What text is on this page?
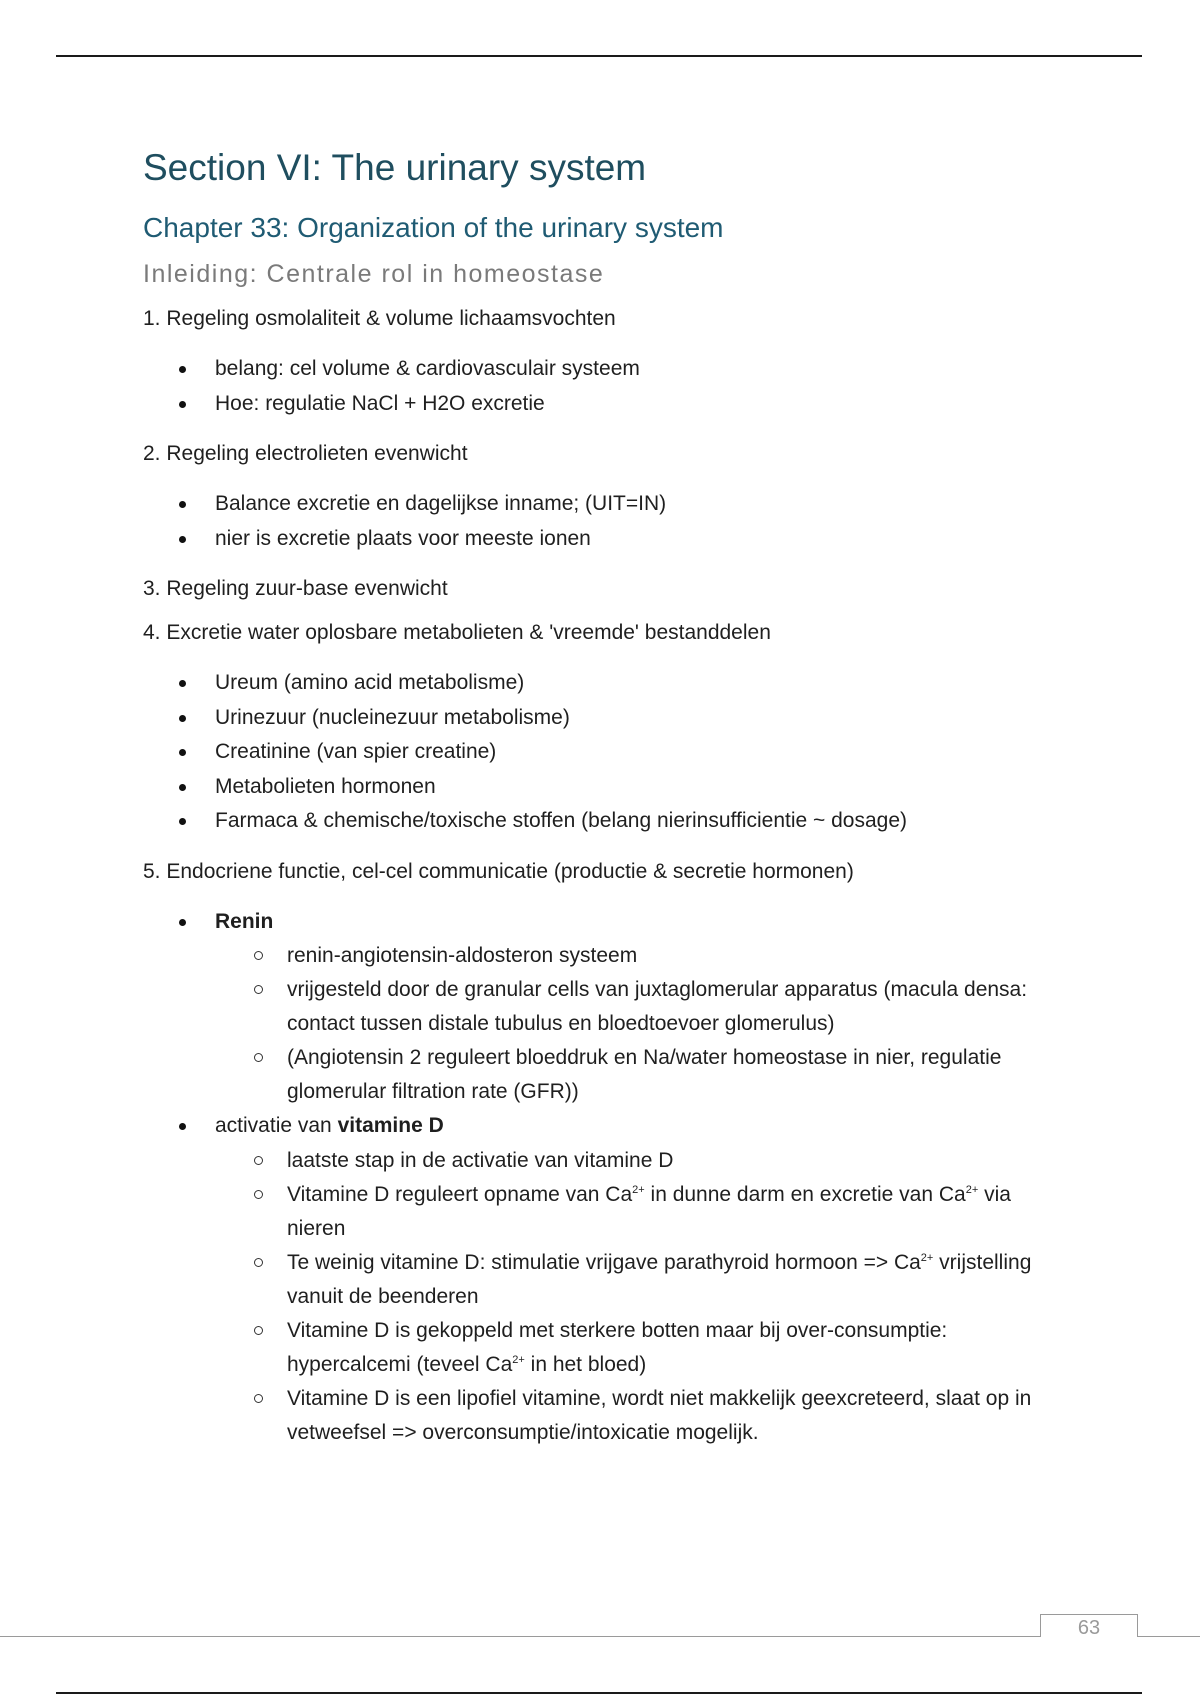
Section VI: The urinary system
Chapter 33: Organization of the urinary system
Inleiding: Centrale rol in homeostase
1. Regeling osmolaliteit & volume lichaamsvochten
belang: cel volume & cardiovasculair systeem
Hoe: regulatie NaCl + H2O excretie
2. Regeling electrolieten evenwicht
Balance excretie en dagelijkse inname; (UIT=IN)
nier is excretie plaats voor meeste ionen
3. Regeling zuur-base evenwicht
4. Excretie water oplosbare metabolieten & 'vreemde' bestanddelen
Ureum (amino acid metabolisme)
Urinezuur (nucleinezuur metabolisme)
Creatinine (van spier creatine)
Metabolieten hormonen
Farmaca & chemische/toxische stoffen (belang nierinsufficientie ~ dosage)
5. Endocriene functie, cel-cel communicatie (productie & secretie hormonen)
Renin
renin-angiotensin-aldosteron systeem
vrijgesteld door de granular cells van juxtaglomerular apparatus (macula densa: contact tussen distale tubulus en bloedtoevoer glomerulus)
(Angiotensin 2 reguleert bloeddruk en Na/water homeostase in nier, regulatie glomerular filtration rate (GFR))
activatie van vitamine D
laatste stap in de activatie van vitamine D
Vitamine D reguleert opname van $Ca^{2+}$ in dunne darm en excretie van $Ca^{2+}$ via nieren
Te weinig vitamine D: stimulatie vrijgave parathyroid hormoon => $Ca^{2+}$ vrijstelling vanuit de beenderen
Vitamine D is gekoppeld met sterkere botten maar bij over-consumptie: hypercalcemi (teveel $Ca^{2+}$ in het bloed)
Vitamine D is een lipofiel vitamine, wordt niet makkelijk geexcreteerd, slaat op in vetweefsel => overconsumptie/intoxicatie mogelijk.
63
